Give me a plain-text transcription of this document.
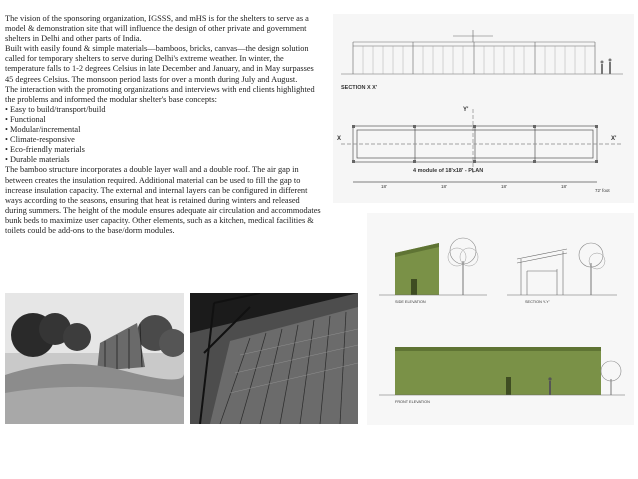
The vision of the sponsoring organization, IGSSS, and mHS is for the shelters to serve as a model & demonstration site that will influence the design of other private and government shelters in Delhi and other parts of India.

Built with easily found & simple materials—bamboos, bricks, canvas—the design solution called for temporary shelters to serve during Delhi's extreme weather. In winter, the temperature falls to 1-2 degrees Celsius in late December and January, and in May surpasses 45 degrees Celsius. The monsoon period lasts for over a month during July and August.

The interaction with the promoting organizations and interviews with end clients highlighted the problems and informed the modular shelter's base concepts:

• Easy to build/transport/build
• Functional
• Modular/incremental
• Climate-responsive
• Eco-friendly materials
• Durable materials

The bamboo structure incorporates a double layer wall and a double roof. The air gap in between creates the insulation required. Additional material can be used to fill the gap to increase insulation capacity. The external and internal layers can be configured in different ways according to the seasons, ensuring that heat is retained during winters and released during summers. The height of the module ensures adequate air circulation and accommodates bunk beds to maximize user capacity. Other elements, such as a kitchen, medical facilities & toilets could be add-ons to the base/dorm modules.

SECTION X X'
X	X'
Y'
18'	18'	18'	18'
4 module of 18'x18' - PLAN
72' foot
SIDE ELEVATION	SECTION Y-Y'
FRONT ELEVATION
